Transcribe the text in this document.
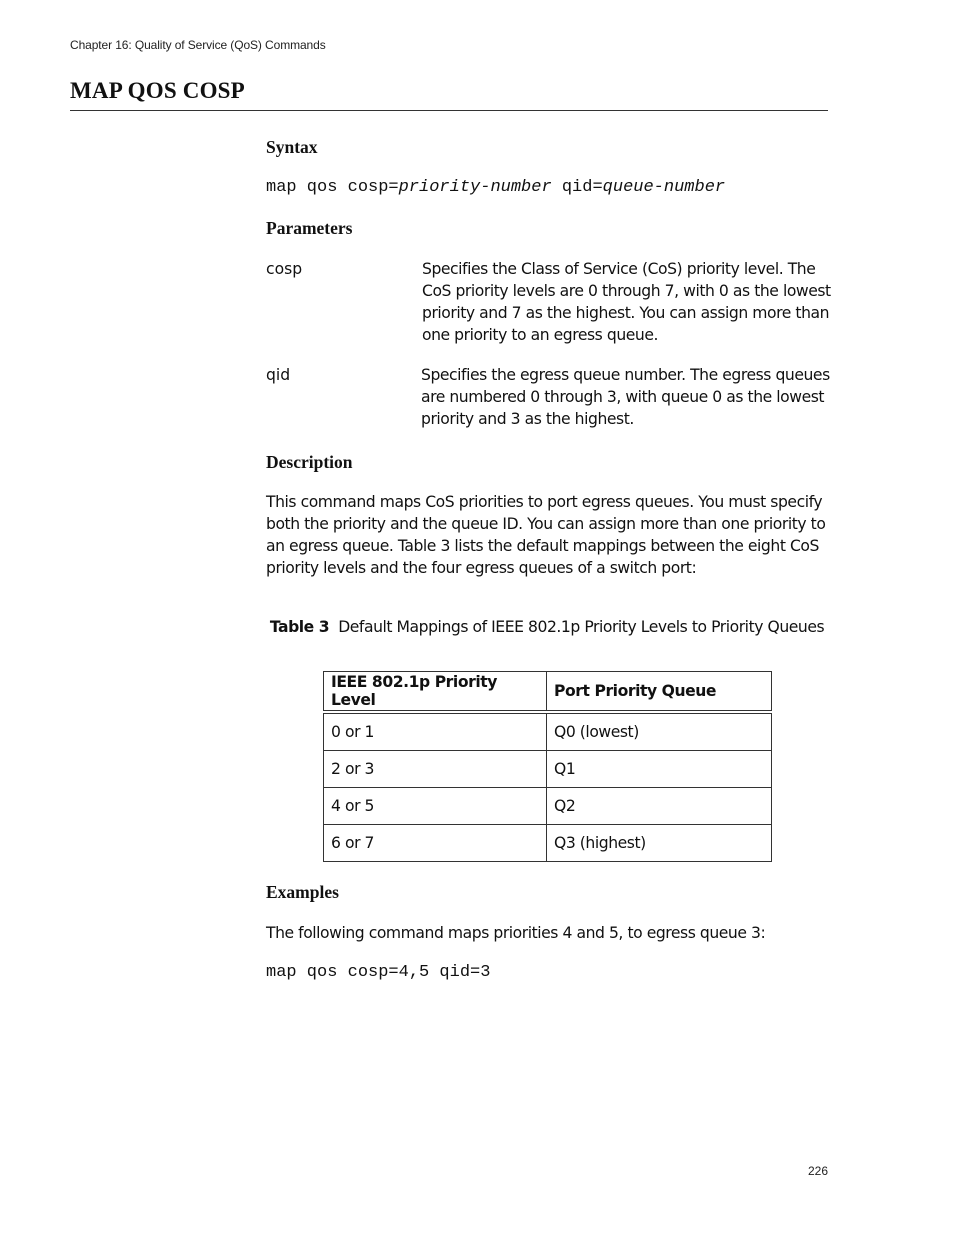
Chapter 16: Quality of Service (QoS) Commands
MAP QOS COSP
Syntax
map qos cosp=priority-number qid=queue-number
Parameters
cosp	Specifies the Class of Service (CoS) priority level. The CoS priority levels are 0 through 7, with 0 as the lowest priority and 7 as the highest. You can assign more than one priority to an egress queue.
qid	Specifies the egress queue number. The egress queues are numbered 0 through 3, with queue 0 as the lowest priority and 3 as the highest.
Description
This command maps CoS priorities to port egress queues. You must specify both the priority and the queue ID. You can assign more than one priority to an egress queue. Table 3 lists the default mappings between the eight CoS priority levels and the four egress queues of a switch port:
Table 3 Default Mappings of IEEE 802.1p Priority Levels to Priority Queues
IEEE 802.1p Priority Level	Port Priority Queue
0 or 1	Q0 (lowest)
2 or 3	Q1
4 or 5	Q2
6 or 7	Q3 (highest)
Examples
The following command maps priorities 4 and 5, to egress queue 3:
map qos cosp=4,5 qid=3
226
